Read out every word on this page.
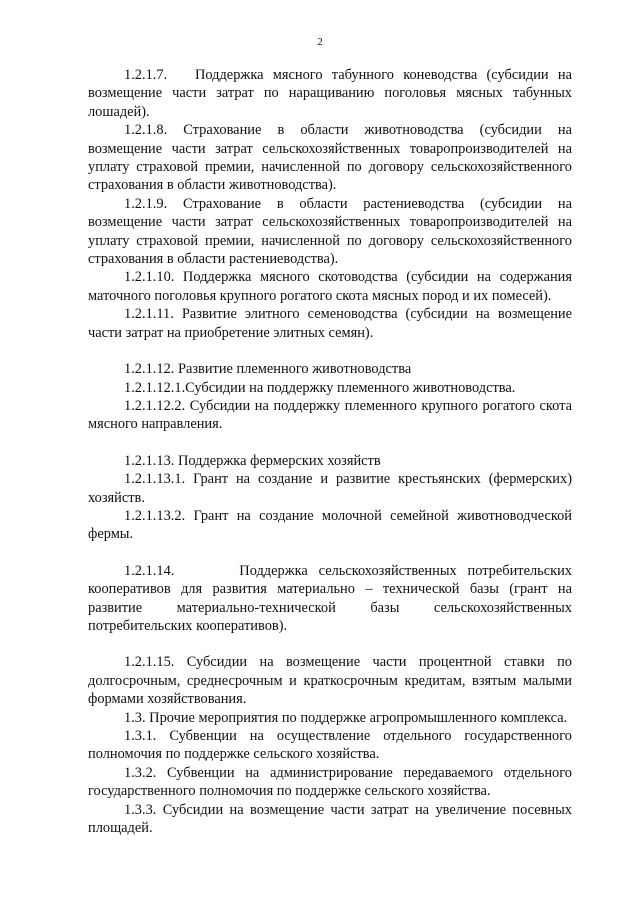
2

1.2.1.7.   Поддержка мясного табунного коневодства (субсидии на возмещение части затрат по наращиванию поголовья мясных табунных лошадей).

1.2.1.8. Страхование в области животноводства (субсидии на возмещение части затрат сельскохозяйственных товаропроизводителей на уплату страховой премии, начисленной по договору сельскохозяйственного страхования в области животноводства).

1.2.1.9. Страхование в области растениеводства (субсидии на возмещение части затрат сельскохозяйственных товаропроизводителей на уплату страховой премии, начисленной по договору сельскохозяйственного страхования в области растениеводства).

1.2.1.10. Поддержка мясного скотоводства (субсидии на содержания маточного поголовья крупного рогатого скота мясных пород и их помесей).

1.2.1.11. Развитие элитного семеноводства (субсидии на возмещение части затрат на приобретение элитных семян).

1.2.1.12. Развитие племенного животноводства

1.2.1.12.1.Субсидии на поддержку племенного животноводства.

1.2.1.12.2. Субсидии на поддержку племенного крупного рогатого скота мясного направления.

1.2.1.13. Поддержка фермерских хозяйств

1.2.1.13.1. Грант на создание и развитие крестьянских (фермерских) хозяйств.

1.2.1.13.2. Грант на создание молочной семейной животноводческой фермы.

1.2.1.14.      Поддержка сельскохозяйственных потребительских кооперативов для развития материально – технической базы (грант на развитие материально-технической базы сельскохозяйственных потребительских кооперативов).

1.2.1.15. Субсидии на возмещение части процентной ставки по долгосрочным, среднесрочным и краткосрочным кредитам, взятым малыми формами хозяйствования.

1.3. Прочие мероприятия по поддержке агропромышленного комплекса.

1.3.1. Субвенции на осуществление отдельного государственного полномочия по поддержке сельского хозяйства.

1.3.2. Субвенции на администрирование передаваемого отдельного государственного полномочия по поддержке сельского хозяйства.

1.3.3. Субсидии на возмещение части затрат на увеличение посевных площадей.
